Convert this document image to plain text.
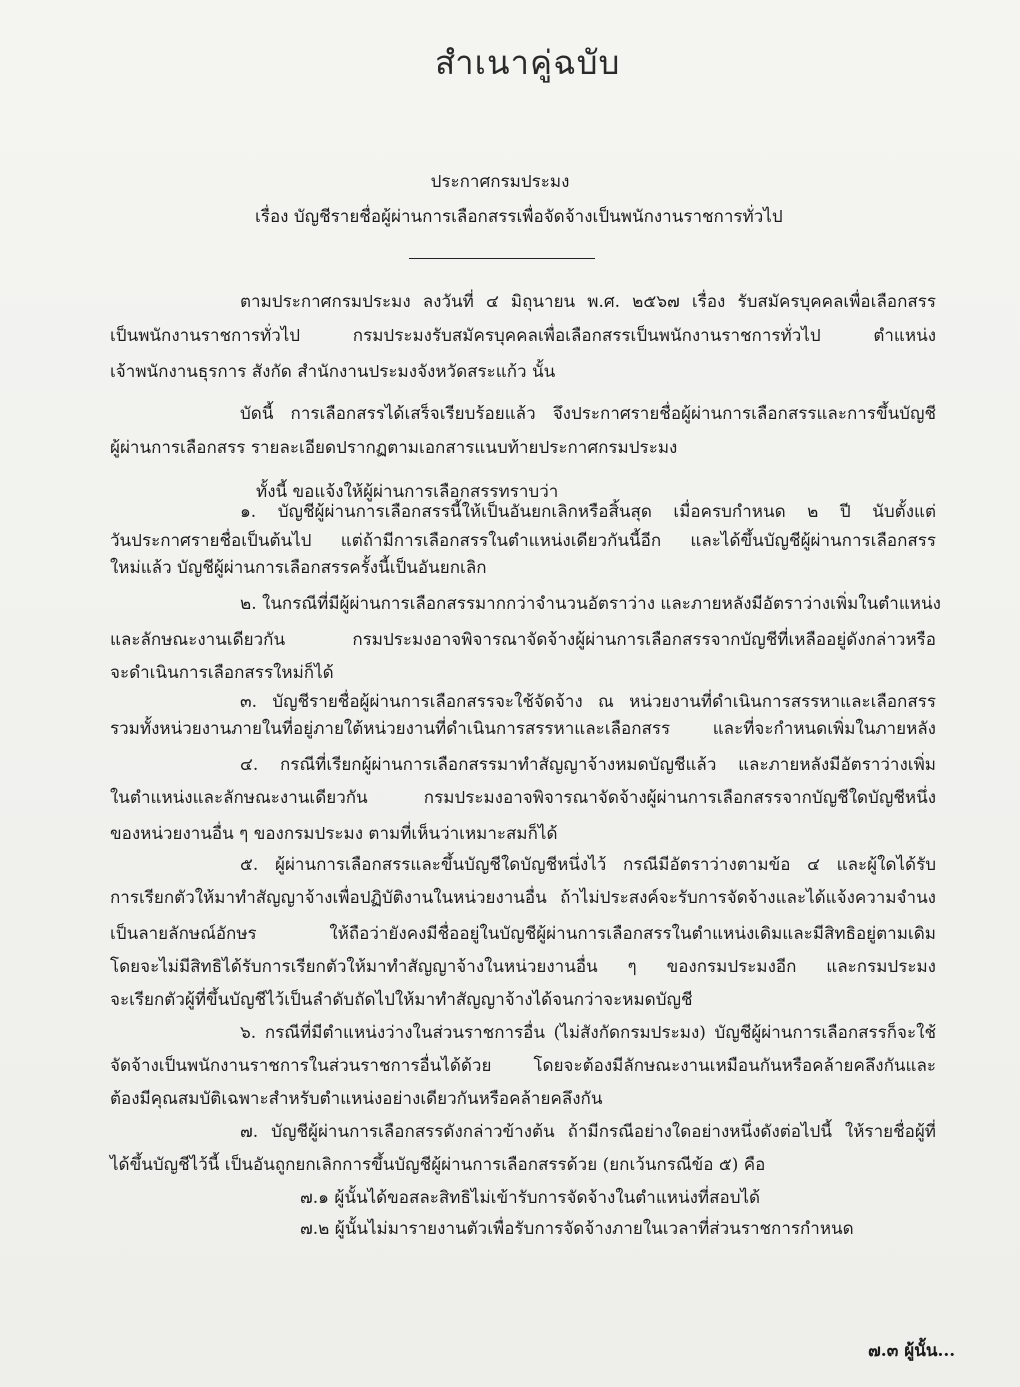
สำเนาคู่ฉบับ
ประกาศกรมประมง
เรื่อง บัญชีรายชื่อผู้ผ่านการเลือกสรรเพื่อจัดจ้างเป็นพนักงานราชการทั่วไป
ตามประกาศกรมประมง ลงวันที่ ๔ มิถุนายน พ.ศ. ๒๕๖๗ เรื่อง รับสมัครบุคคลเพื่อเลือกสรร
เป็นพนักงานราชการทั่วไป กรมประมงรับสมัครบุคคลเพื่อเลือกสรรเป็นพนักงานราชการทั่วไป ตำแหน่ง
เจ้าพนักงานธุรการ สังกัด สำนักงานประมงจังหวัดสระแก้ว นั้น
บัดนี้ การเลือกสรรได้เสร็จเรียบร้อยแล้ว จึงประกาศรายชื่อผู้ผ่านการเลือกสรรและการขึ้นบัญชี
ผู้ผ่านการเลือกสรร รายละเอียดปรากฏตามเอกสารแนบท้ายประกาศกรมประมง
ทั้งนี้ ขอแจ้งให้ผู้ผ่านการเลือกสรรทราบว่า
๑. บัญชีผู้ผ่านการเลือกสรรนี้ให้เป็นอันยกเลิกหรือสิ้นสุด เมื่อครบกำหนด ๒ ปี นับตั้งแต่
วันประกาศรายชื่อเป็นต้นไป แต่ถ้ามีการเลือกสรรในตำแหน่งเดียวกันนี้อีก และได้ขึ้นบัญชีผู้ผ่านการเลือกสรร
ใหม่แล้ว บัญชีผู้ผ่านการเลือกสรรครั้งนี้เป็นอันยกเลิก
๒. ในกรณีที่มีผู้ผ่านการเลือกสรรมากกว่าจำนวนอัตราว่าง และภายหลังมีอัตราว่างเพิ่มในตำแหน่ง
และลักษณะงานเดียวกัน กรมประมงอาจพิจารณาจัดจ้างผู้ผ่านการเลือกสรรจากบัญชีที่เหลืออยู่ดังกล่าวหรือ
จะดำเนินการเลือกสรรใหม่ก็ได้
๓. บัญชีรายชื่อผู้ผ่านการเลือกสรรจะใช้จัดจ้าง ณ หน่วยงานที่ดำเนินการสรรหาและเลือกสรร
รวมทั้งหน่วยงานภายในที่อยู่ภายใต้หน่วยงานที่ดำเนินการสรรหาและเลือกสรร และที่จะกำหนดเพิ่มในภายหลัง
๔. กรณีที่เรียกผู้ผ่านการเลือกสรรมาทำสัญญาจ้างหมดบัญชีแล้ว และภายหลังมีอัตราว่างเพิ่ม
ในตำแหน่งและลักษณะงานเดียวกัน กรมประมงอาจพิจารณาจัดจ้างผู้ผ่านการเลือกสรรจากบัญชีใดบัญชีหนึ่ง
ของหน่วยงานอื่น ๆ ของกรมประมง ตามที่เห็นว่าเหมาะสมก็ได้
๕. ผู้ผ่านการเลือกสรรและขึ้นบัญชีใดบัญชีหนึ่งไว้ กรณีมีอัตราว่างตามข้อ ๔ และผู้ใดได้รับ
การเรียกตัวให้มาทำสัญญาจ้างเพื่อปฏิบัติงานในหน่วยงานอื่น ถ้าไม่ประสงค์จะรับการจัดจ้างและได้แจ้งความจำนง
เป็นลายลักษณ์อักษร ให้ถือว่ายังคงมีชื่ออยู่ในบัญชีผู้ผ่านการเลือกสรรในตำแหน่งเดิมและมีสิทธิอยู่ตามเดิม
โดยจะไม่มีสิทธิได้รับการเรียกตัวให้มาทำสัญญาจ้างในหน่วยงานอื่น ๆ ของกรมประมงอีก และกรมประมง
จะเรียกตัวผู้ที่ขึ้นบัญชีไว้เป็นลำดับถัดไปให้มาทำสัญญาจ้างได้จนกว่าจะหมดบัญชี
๖. กรณีที่มีตำแหน่งว่างในส่วนราชการอื่น (ไม่สังกัดกรมประมง) บัญชีผู้ผ่านการเลือกสรรก็จะใช้
จัดจ้างเป็นพนักงานราชการในส่วนราชการอื่นได้ด้วย โดยจะต้องมีลักษณะงานเหมือนกันหรือคล้ายคลึงกันและ
ต้องมีคุณสมบัติเฉพาะสำหรับตำแหน่งอย่างเดียวกันหรือคล้ายคลึงกัน
๗. บัญชีผู้ผ่านการเลือกสรรดังกล่าวข้างต้น ถ้ามีกรณีอย่างใดอย่างหนึ่งดังต่อไปนี้ ให้รายชื่อผู้ที่
ได้ขึ้นบัญชีไว้นี้ เป็นอันถูกยกเลิกการขึ้นบัญชีผู้ผ่านการเลือกสรรด้วย (ยกเว้นกรณีข้อ ๕) คือ
๗.๑ ผู้นั้นได้ขอสละสิทธิไม่เข้ารับการจัดจ้างในตำแหน่งที่สอบได้
๗.๒ ผู้นั้นไม่มารายงานตัวเพื่อรับการจัดจ้างภายในเวลาที่ส่วนราชการกำหนด
๗.๓ ผู้นั้น...
